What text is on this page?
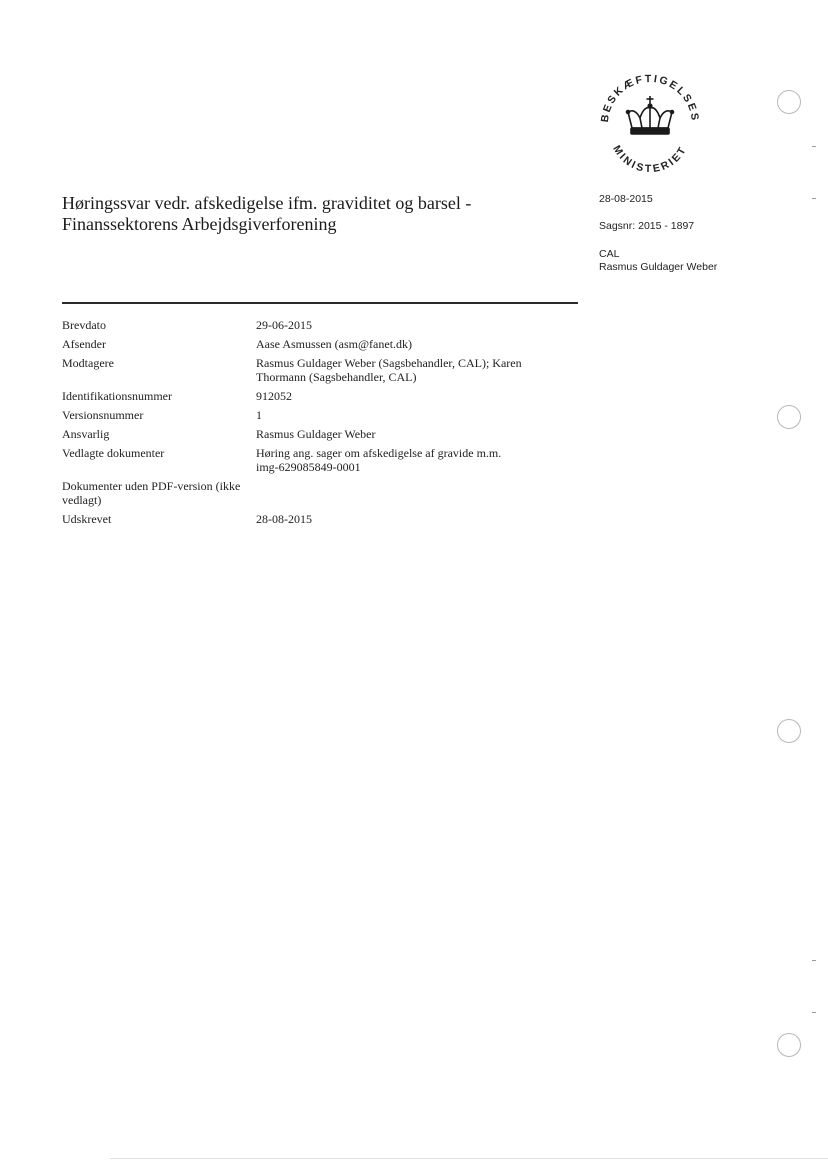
BESKÆFTIGELSES
MINISTERIET
28-08-2015
Sagsnr: 2015 - 1897
CAL
Rasmus Guldager Weber
Høringssvar vedr. afskedigelse ifm. graviditet og barsel -
Finanssektorens Arbejdsgiverforening
Brevdato	29-06-2015
Afsender	Aase Asmussen (asm@fanet.dk)
Modtagere	Rasmus Guldager Weber (Sagsbehandler, CAL); Karen
Thormann (Sagsbehandler, CAL)
Identifikationsnummer	912052
Versionsnummer	1
Ansvarlig	Rasmus Guldager Weber
Vedlagte dokumenter	Høring ang. sager om afskedigelse af gravide m.m.
img-629085849-0001
Dokumenter uden PDF-version (ikke vedlagt)
Udskrevet	28-08-2015
